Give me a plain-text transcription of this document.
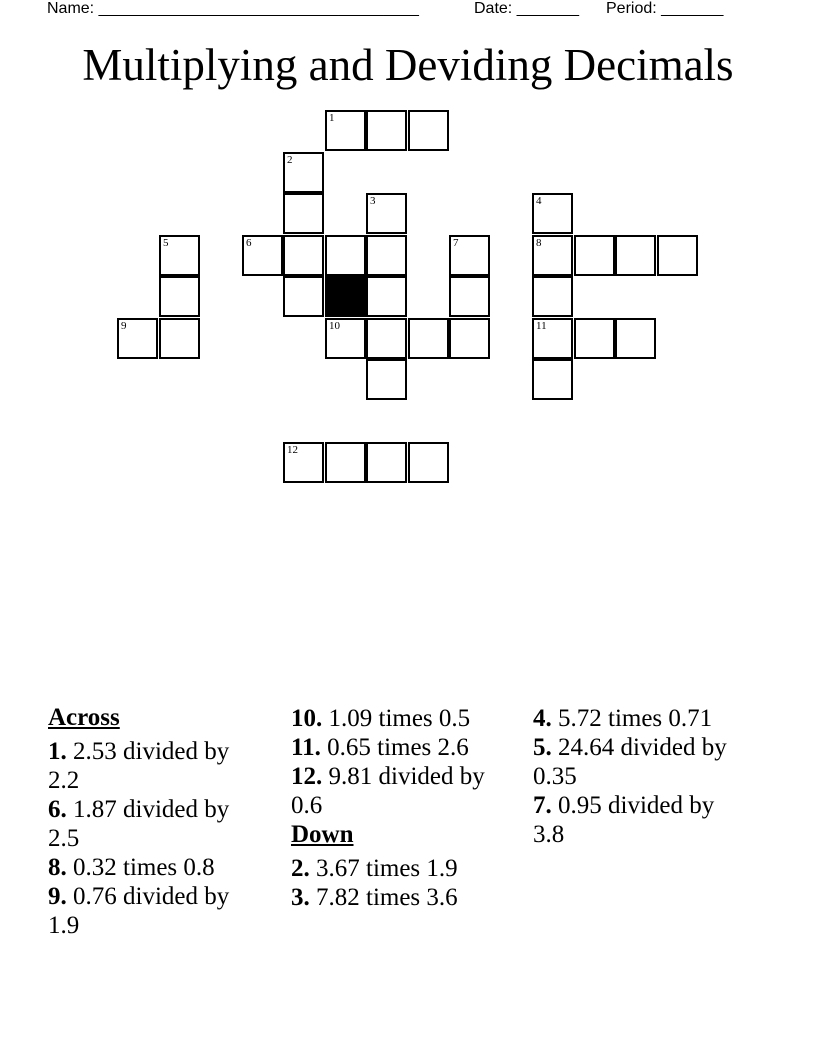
Name: ____________________________________	Date: _______ Period: _______
Multiplying and Deviding Decimals
1
2
3	4
5	6	7	8
9	10	11
12
Across
1. 2.53 divided by 2.2
6. 1.87 divided by 2.5
8. 0.32 times 0.8
9. 0.76 divided by 1.9
10. 1.09 times 0.5
11. 0.65 times 2.6
12. 9.81 divided by 0.6
Down
2. 3.67 times 1.9
3. 7.82 times 3.6
4. 5.72 times 0.71
5. 24.64 divided by 0.35
7. 0.95 divided by 3.8
